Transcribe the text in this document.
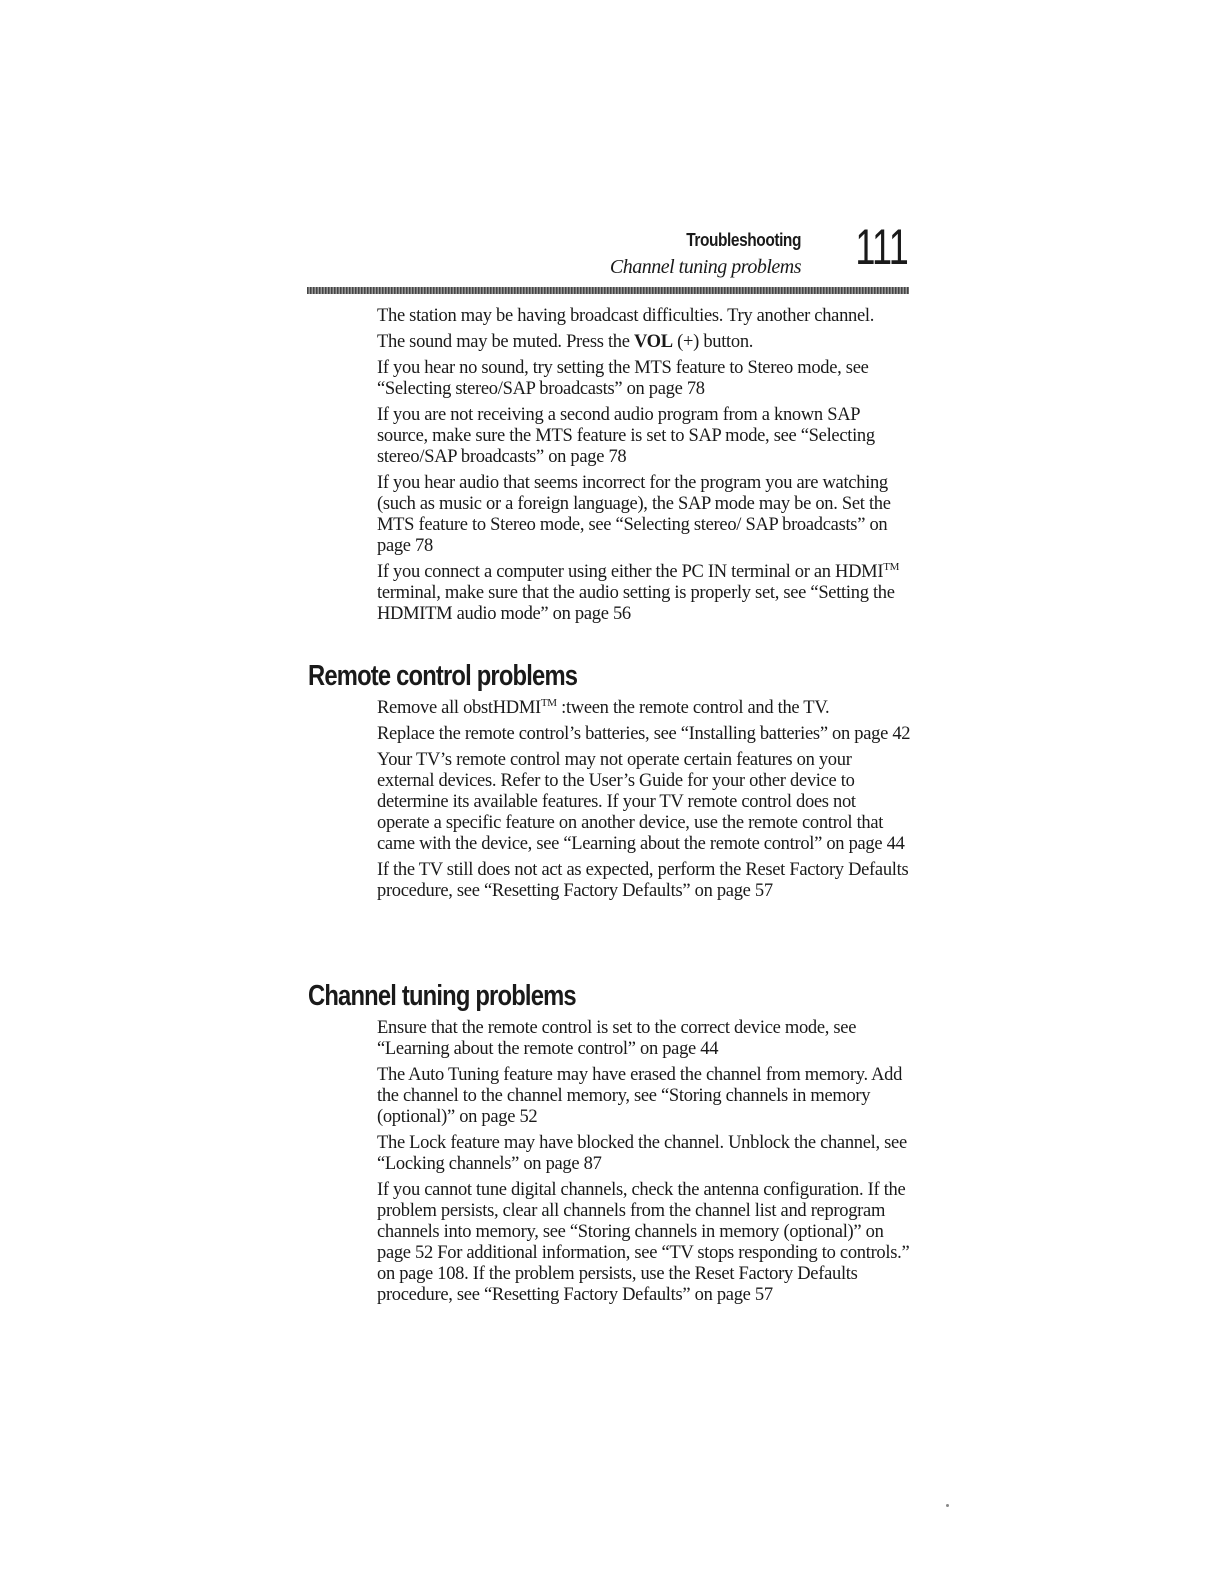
Troubleshooting
Channel tuning problems 111

The station may be having broadcast difficulties. Try another channel.

The sound may be muted. Press the VOL (+) button.

If you hear no sound, try setting the MTS feature to Stereo mode, see “Selecting stereo/SAP broadcasts” on page 78

If you are not receiving a second audio program from a known SAP source, make sure the MTS feature is set to SAP mode, see “Selecting stereo/SAP broadcasts” on page 78

If you hear audio that seems incorrect for the program you are watching (such as music or a foreign language), the SAP mode may be on. Set the MTS feature to Stereo mode, see “Selecting stereo/ SAP broadcasts” on page 78

If you connect a computer using either the PC IN terminal or an HDMI™ terminal, make sure that the audio setting is properly set, see “Setting the HDMITM audio mode” on page 56

Remote control problems

Remove all obstHDMI™ :tween the remote control and the TV.

Replace the remote control’s batteries, see “Installing batteries” on page 42

Your TV’s remote control may not operate certain features on your external devices. Refer to the User’s Guide for your other device to determine its available features. If your TV remote control does not operate a specific feature on another device, use the remote control that came with the device, see “Learning about the remote control” on page 44

If the TV still does not act as expected, perform the Reset Factory Defaults procedure, see “Resetting Factory Defaults” on page 57

Channel tuning problems

Ensure that the remote control is set to the correct device mode, see “Learning about the remote control” on page 44

The Auto Tuning feature may have erased the channel from memory. Add the channel to the channel memory, see “Storing channels in memory (optional)” on page 52

The Lock feature may have blocked the channel. Unblock the channel, see “Locking channels” on page 87

If you cannot tune digital channels, check the antenna configuration. If the problem persists, clear all channels from the channel list and reprogram channels into memory, see “Storing channels in memory (optional)” on page 52 For additional information, see “TV stops responding to controls.” on page 108. If the problem persists, use the Reset Factory Defaults procedure, see “Resetting Factory Defaults” on page 57
